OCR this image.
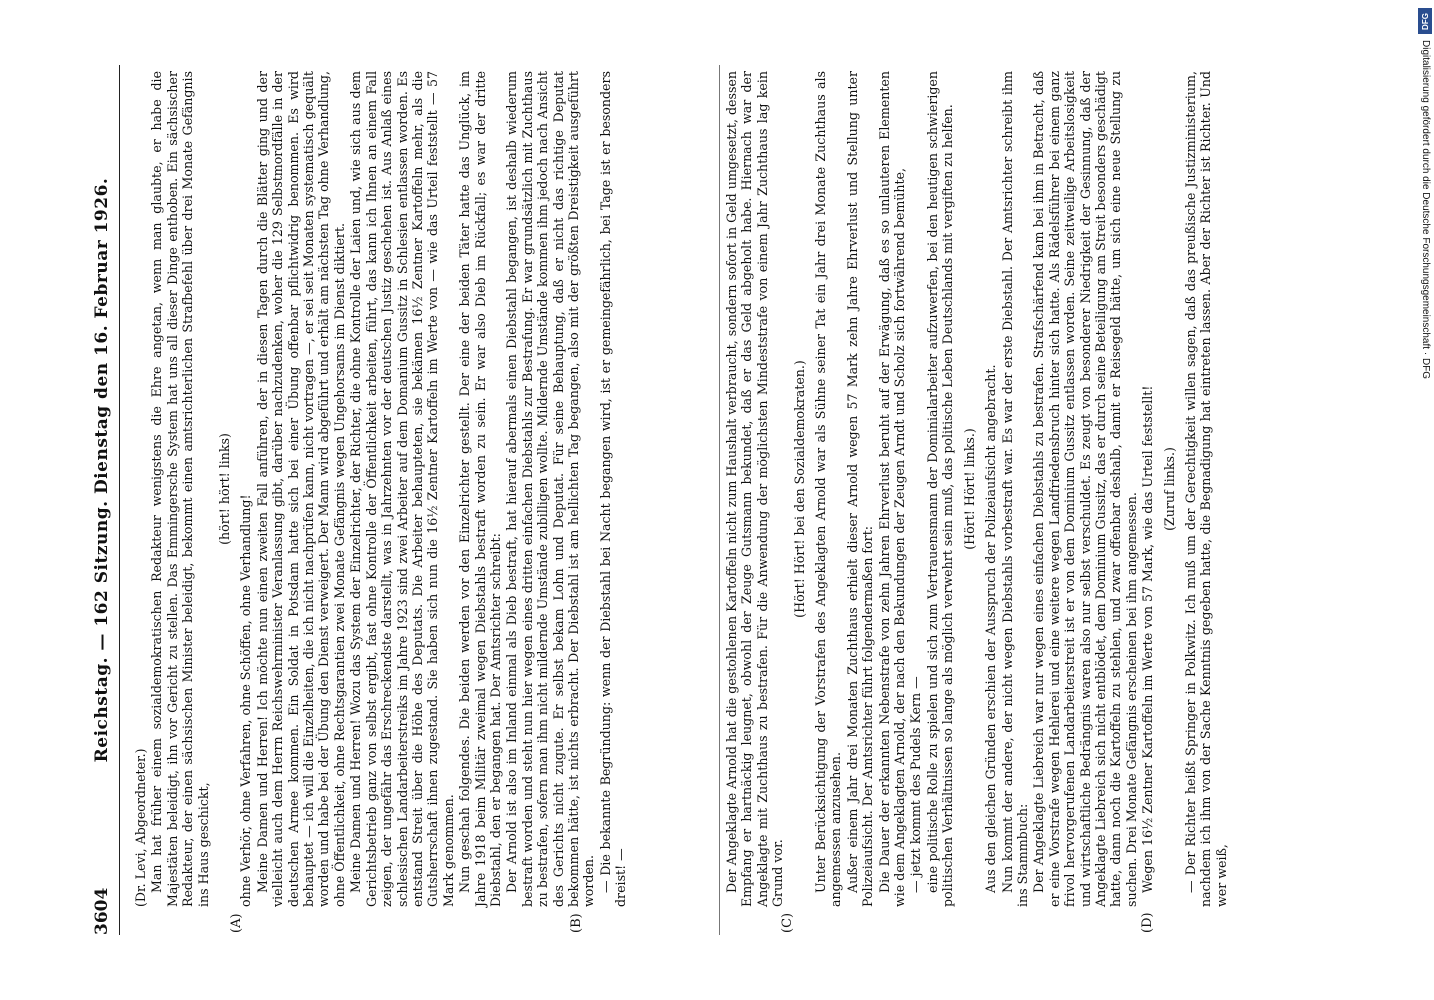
3604
Reichstag. — 162 Sitzung. Dienstag den 16. Februar 1926.
(A)	(B)

(Dr. Levi, Abgeordneter.) Man hat früher einem sozialdemokratischen Redakteur wenigstens die Ehre angetan, wenn man glaubte, er habe die Majestäten beleidigt, ihn vor Gericht zu stellen. Das Emmingersche System hat uns all dieser Dinge enthoben. Ein sächsischer Redakteur, der einen sächsischen Minister beleidigt, bekommt einen amtsrichterlichen Strafbefehl über drei Monate Gefängnis ins Haus geschickt,

(hört! hört! links)

ohne Verhör, ohne Verfahren, ohne Schöffen, ohne Verhandlung! Meine Damen und Herren! Ich möchte nun einen zweiten Fall anführen, der in diesen Tagen durch die Blätter ging und der vielleicht auch dem Herrn Reichswehrminister Veranlassung gibt, darüber nachzudenken, woher die 129 Selbstmordfälle in der deutschen Armee kommen. Ein Soldat in Potsdam hatte sich bei einer Übung offenbar pflichtwidrig benommen. Es wird behauptet — ich will die Einzelheiten, die ich nicht nachprüfen kann, nicht vortragen —, er sei seit Monaten systematisch gequält worden und habe bei der Übung den Dienst verweigert. Der Mann wird abgeführt und erhält am nächsten Tag ohne Verhandlung, ohne Öffentlichkeit, ohne Rechtsgarantien zwei Monate Gefängnis wegen Ungehorsams im Dienst diktiert. Meine Damen und Herren! Wozu das System der Einzelrichter, der Richter, die ohne Kontrolle der Laien und, wie sich aus dem Gerichtsbetrieb ganz von selbst ergibt, fast ohne Kontrolle der Öffentlichkeit arbeiten, führt, das kann ich Ihnen an einem Fall zeigen, der ungefähr das Erschreckendste darstellt, was in Jahrzehnten vor der deutschen Justiz geschehen ist. Aus Anlaß eines schlesischen Landarbeiterstreiks im Jahre 1923 sind zwei Arbeiter auf dem Domanium Gussitz in Schlesien entlassen worden. Es entstand Streit über die Höhe des Deputats. Die Arbeiter behaupteten, sie bekämen 16½ Zentner Kartoffeln mehr, als die Gutsherrschaft ihnen zugestand. Sie haben sich nun die 16½ Zentner Kartoffeln im Werte von — wie das Urteil feststellt — 57 Mark genommen. Nun geschah folgendes. Die beiden werden vor den Einzelrichter gestellt. Der eine der beiden Täter hatte das Unglück, im Jahre 1918 beim Militär zweimal wegen Diebstahls bestraft worden zu sein. Er war also Dieb im Rückfall; es war der dritte Diebstahl, den er begangen hat. Der Amtsrichter schreibt: Der Arnold ist also im Inland einmal als Dieb bestraft, hat hierauf abermals einen Diebstahl begangen, ist deshalb wiederum bestraft worden und steht nun hier wegen eines dritten einfachen Diebstahls zur Bestrafung. Er war grundsätzlich mit Zuchthaus zu bestrafen, sofern man ihm nicht mildernde Umstände zubilligen wollte. Mildernde Umstände kommen ihm jedoch nach Ansicht des Gerichts nicht zugute. Er selbst bekam Lohn und Deputat. Für seine Behauptung, daß er nicht das richtige Deputat bekommen hätte, ist nichts erbracht. Der Diebstahl ist am hellichten Tag begangen, also mit der größten Dreistigkeit ausgeführt worden. — Die bekannte Begründung: wenn der Diebstahl bei Nacht begangen wird, ist er gemeingefährlich, bei Tage ist er besonders dreist! —

(C)	(D)

Der Angeklagte Arnold hat die gestohlenen Kartoffeln nicht zum Haushalt verbraucht, sondern sofort in Geld umgesetzt, dessen Empfang er hartnäckig leugnet, obwohl der Zeuge Gutsmann bekundet, daß er das Geld abgeholt habe. Hiernach war der Angeklagte mit Zuchthaus zu bestrafen. Für die Anwendung der möglichsten Mindeststrafe von einem Jahr Zuchthaus lag kein Grund vor.

(Hört! Hört! bei den Sozialdemokraten.) Unter Berücksichtigung der Vorstrafen des Angeklagten Arnold war als Sühne seiner Tat ein Jahr drei Monate Zuchthaus als angemessen anzusehen. Außer einem Jahr drei Monaten Zuchthaus erhielt dieser Arnold wegen 57 Mark zehn Jahre Ehrverlust und Stellung unter Polizeiaufsicht. Der Amtsrichter führt folgendermaßen fort: Die Dauer der erkannten Nebenstrafe von zehn Jahren Ehrverlust beruht auf der Erwägung, daß es so unlauteren Elementen wie dem Angeklagten Arnold, der nach den Bekundungen der Zeugen Arndt und Scholz sich fortwährend bemühte, — jetzt kommt des Pudels Kern — eine politische Rolle zu spielen und sich zum Vertrauensmann der Dominialarbeiter aufzuwerfen, bei den heutigen schwierigen politischen Verhältnissen so lange als möglich verwehrt sein muß, das politische Leben Deutschlands mit vergiften zu helfen. (Hört! Hört! links.) Aus den gleichen Gründen erschien der Ausspruch der Polizeiaufsicht angebracht. Nun kommt der andere, der nicht wegen Diebstahls vorbestraft war. Es war der erste Diebstahl. Der Amtsrichter schreibt ihm ins Stammbuch: Der Angeklagte Liebreich war nur wegen eines einfachen Diebstahls zu bestrafen. Strafschärfend kam bei ihm in Betracht, daß er eine Vorstrafe wegen Hehlerei und eine weitere wegen Landfriedensbruch hinter sich hatte. Als Rädelsführer bei einem ganz frivol hervorgerufenen Landarbeiterstreit ist er von dem Dominium Gussitz entlassen worden. Seine zeitweilige Arbeitslosigkeit und wirtschaftliche Bedrängnis waren also nur selbst verschuldet. Es zeugt von besonderer Niedrigkeit der Gesinnung, daß der Angeklagte Liebreich sich nicht entblödet, dem Dominium Gussitz, das er durch seine Beteiligung am Streit besonders geschädigt hatte, dann noch die Kartoffeln zu stehlen, und zwar offenbar deshalb, damit er Reisegeld hätte, um sich eine neue Stellung zu suchen. Drei Monate Gefängnis erscheinen bei ihm angemessen. Wegen 16½ Zentner Kartoffeln im Werte von 57 Mark, wie das Urteil feststellt! (Zuruf links.) — Der Richter heißt Springer in Polkwitz. Ich muß um der Gerechtigkeit willen sagen, daß das preußische Justizministerium, nachdem ich ihm von der Sache Kenntnis gegeben hatte, die Begnadigung hat eintreten lassen. Aber der Richter ist Richter. Und wer weiß,

DFG
Digitalisierung gefördert durch die Deutsche Forschungsgemeinschaft · DFG
